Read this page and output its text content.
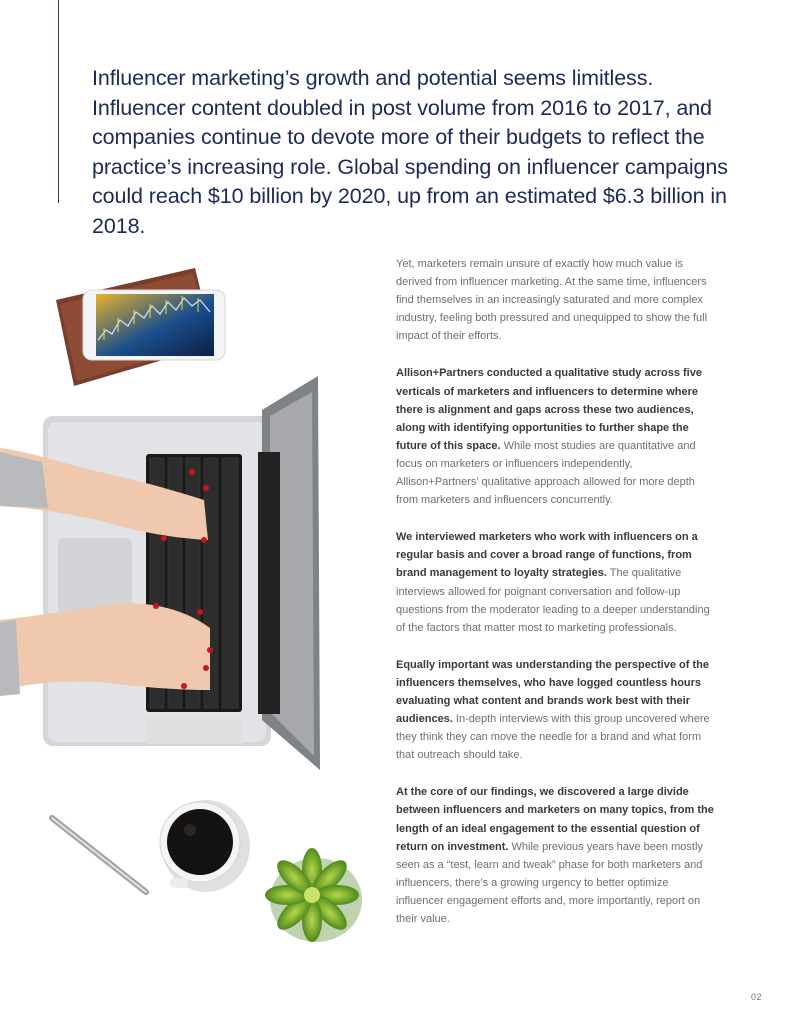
Influencer marketing’s growth and potential seems limitless. Influencer content doubled in post volume from 2016 to 2017, and companies continue to devote more of their budgets to reflect the practice’s increasing role. Global spending on influencer campaigns could reach $10 billion by 2020, up from an estimated $6.3 billion in 2018.

Yet, marketers remain unsure of exactly how much value is derived from influencer marketing. At the same time, influencers find themselves in an increasingly saturated and more complex industry, feeling both pressured and unequipped to show the full impact of their efforts.

Allison+Partners conducted a qualitative study across five verticals of marketers and influencers to determine where there is alignment and gaps across these two audiences, along with identifying opportunities to further shape the future of this space. While most studies are quantitative and focus on marketers or influencers independently, Allison+Partners’ qualitative approach allowed for more depth from marketers and influencers concurrently.

We interviewed marketers who work with influencers on a regular basis and cover a broad range of functions, from brand management to loyalty strategies. The qualitative interviews allowed for poignant conversation and follow-up questions from the moderator leading to a deeper understanding of the factors that matter most to marketing professionals.

Equally important was understanding the perspective of the influencers themselves, who have logged countless hours evaluating what content and brands work best with their audiences. In-depth interviews with this group uncovered where they think they can move the needle for a brand and what form that outreach should take.

At the core of our findings, we discovered a large divide between influencers and marketers on many topics, from the length of an ideal engagement to the essential question of return on investment. While previous years have been mostly seen as a “test, learn and tweak” phase for both marketers and influencers, there’s a growing urgency to better optimize influencer engagement efforts and, more importantly, report on their value.

02
